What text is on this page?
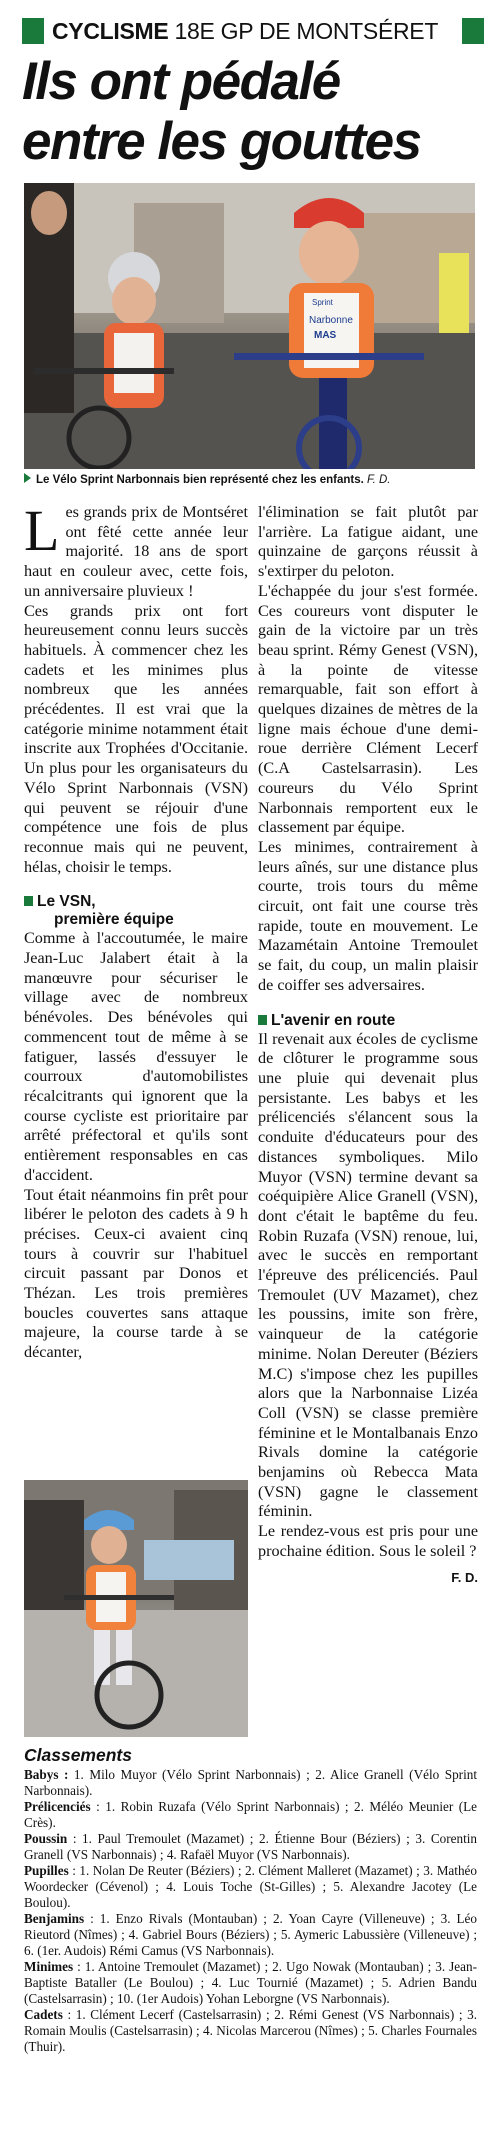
CYCLISME 18E GP DE MONTSÉRET
Ils ont pédalé
entre les gouttes
Narbonne
MAS
Sprint
Le Vélo Sprint Narbonnais bien représenté chez les enfants. F. D.

Les grands prix de Montséret ont fêté cette année leur majorité. 18 ans de sport haut en couleur avec, cette fois, un anniversaire pluvieux !

Ces grands prix ont fort heureusement connu leurs succès habituels. À commencer chez les cadets et les minimes plus nombreux que les années précédentes. Il est vrai que la catégorie minime notamment était inscrite aux Trophées d'Occitanie. Un plus pour les organisateurs du Vélo Sprint Narbonnais (VSN) qui peuvent se réjouir d'une compétence une fois de plus reconnue mais qui ne peuvent, hélas, choisir le temps.

Le VSN,
première équipe

Comme à l'accoutumée, le maire Jean-Luc Jalabert était à la manœuvre pour sécuriser le village avec de nombreux bénévoles. Des bénévoles qui commencent tout de même à se fatiguer, lassés d'essuyer le courroux d'automobilistes récalcitrants qui ignorent que la course cycliste est prioritaire par arrêté préfectoral et qu'ils sont entièrement responsables en cas d'accident.

Tout était néanmoins fin prêt pour libérer le peloton des cadets à 9 h précises. Ceux-ci avaient cinq tours à couvrir sur l'habituel circuit passant par Donos et Thézan. Les trois premières boucles couvertes sans attaque majeure, la course tarde à se décanter,

l'élimination se fait plutôt par l'arrière. La fatigue aidant, une quinzaine de garçons réussit à s'extirper du peloton.

L'échappée du jour s'est formée. Ces coureurs vont disputer le gain de la victoire par un très beau sprint. Rémy Genest (VSN), à la pointe de vitesse remarquable, fait son effort à quelques dizaines de mètres de la ligne mais échoue d'une demi-roue derrière Clément Lecerf (C.A Castelsarrasin). Les coureurs du Vélo Sprint Narbonnais remportent eux le classement par équipe.

Les minimes, contrairement à leurs aînés, sur une distance plus courte, trois tours du même circuit, ont fait une course très rapide, toute en mouvement. Le Mazamétain Antoine Tremoulet se fait, du coup, un malin plaisir de coiffer ses adversaires.

L'avenir en route

Il revenait aux écoles de cyclisme de clôturer le programme sous une pluie qui devenait plus persistante. Les babys et les prélicenciés s'élancent sous la conduite d'éducateurs pour des distances symboliques. Milo Muyor (VSN) termine devant sa coéquipière Alice Granell (VSN), dont c'était le baptême du feu. Robin Ruzafa (VSN) renoue, lui, avec le succès en remportant l'épreuve des prélicenciés. Paul Tremoulet (UV Mazamet), chez les poussins, imite son frère, vainqueur de la catégorie minime. Nolan Dereuter (Béziers M.C) s'impose chez les pupilles alors que la Narbonnaise Lizéa Coll (VSN) se classe première féminine et le Montalbanais Enzo Rivals domine la catégorie benjamins où Rebecca Mata (VSN) gagne le classement féminin.

Le rendez-vous est pris pour une prochaine édition. Sous le soleil ?

F. D.
Classements

Babys : 1. Milo Muyor (Vélo Sprint Narbonnais) ; 2. Alice Granell (Vélo Sprint Narbonnais).

Prélicenciés : 1. Robin Ruzafa (Vélo Sprint Narbonnais) ; 2. Méléo Meunier (Le Crès).

Poussin : 1. Paul Tremoulet (Mazamet) ; 2. Étienne Bour (Béziers) ; 3. Corentin Granell (VS Narbonnais) ; 4. Rafaël Muyor (VS Narbonnais).

Pupilles : 1. Nolan De Reuter (Béziers) ; 2. Clément Malleret (Mazamet) ; 3. Mathéo Woordecker (Cévenol) ; 4. Louis Toche (St-Gilles) ; 5. Alexandre Jacotey (Le Boulou).

Benjamins : 1. Enzo Rivals (Montauban) ; 2. Yoan Cayre (Villeneuve) ; 3. Léo Rieutord (Nîmes) ; 4. Gabriel Bours (Béziers) ; 5. Aymeric Labussière (Villeneuve) ; 6. (1er. Audois) Rémi Camus (VS Narbonnais).

Minimes : 1. Antoine Tremoulet (Mazamet) ; 2. Ugo Nowak (Montauban) ; 3. Jean-Baptiste Bataller (Le Boulou) ; 4. Luc Tournié (Mazamet) ; 5. Adrien Bandu (Castelsarrasin) ; 10. (1er Audois) Yohan Leborgne (VS Narbonnais).

Cadets : 1. Clément Lecerf (Castelsarrasin) ; 2. Rémi Genest (VS Narbonnais) ; 3. Romain Moulis (Castelsarrasin) ; 4. Nicolas Marcerou (Nîmes) ; 5. Charles Fournales (Thuir).
